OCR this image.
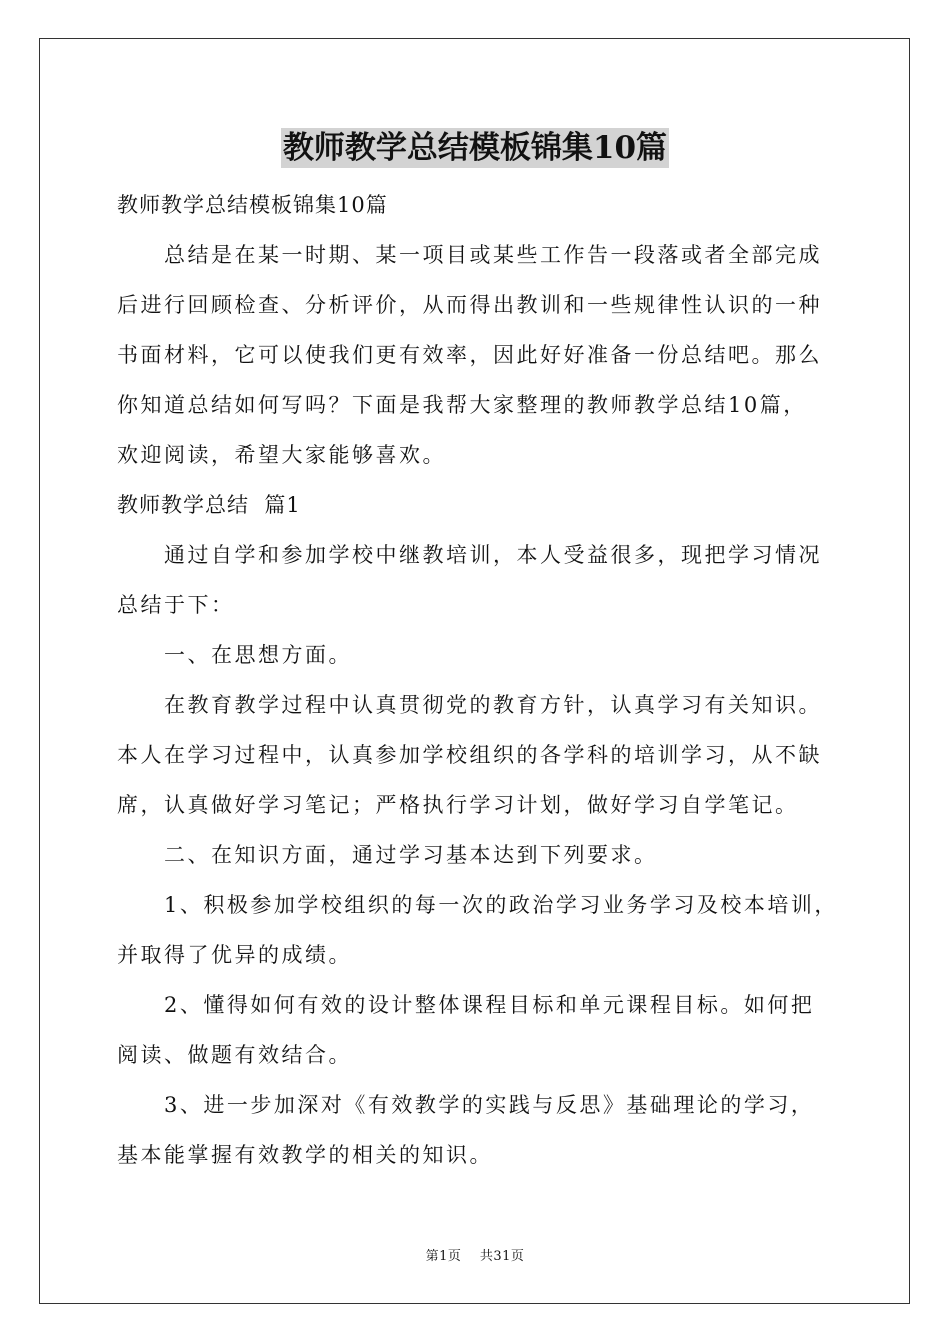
教师教学总结模板锦集10篇
教师教学总结模板锦集10篇
总结是在某一时期、某一项目或某些工作告一段落或者全部完成
后进行回顾检查、分析评价，从而得出教训和一些规律性认识的一种
书面材料，它可以使我们更有效率，因此好好准备一份总结吧。那么
你知道总结如何写吗？下面是我帮大家整理的教师教学总结10篇，
欢迎阅读，希望大家能够喜欢。
教师教学总结  篇1
通过自学和参加学校中继教培训，本人受益很多，现把学习情况
总结于下：
一、在思想方面。
在教育教学过程中认真贯彻党的教育方针，认真学习有关知识。
本人在学习过程中，认真参加学校组织的各学科的培训学习，从不缺
席，认真做好学习笔记；严格执行学习计划，做好学习自学笔记。
二、在知识方面，通过学习基本达到下列要求。
1、积极参加学校组织的每一次的政治学习业务学习及校本培训，
并取得了优异的成绩。
2、懂得如何有效的设计整体课程目标和单元课程目标。如何把
阅读、做题有效结合。
3、进一步加深对《有效教学的实践与反思》基础理论的学习，
基本能掌握有效教学的相关的知识。
第1页    共31页
